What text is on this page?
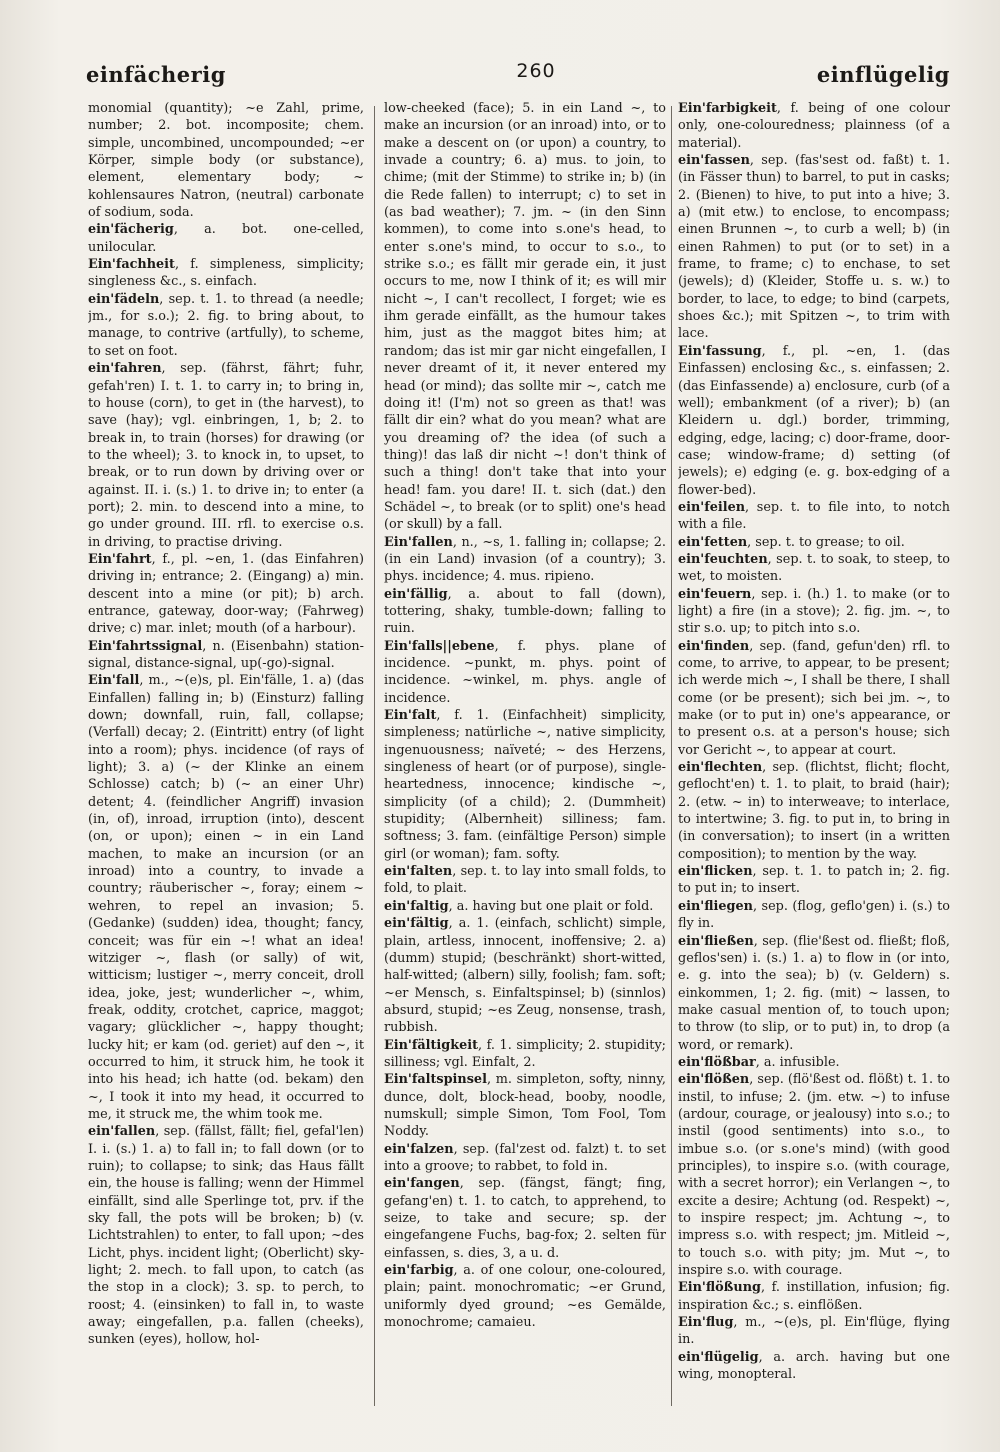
einfächerig	260	einflügelig
monomial (quantity); ~e Zahl, prime, number; 2. bot. incomposite; chem. simple, uncombined, uncompounded; ~er Körper, simple body (or substance), element, elementary body; ~ kohlensaures Natron, (neutral) carbonate of sodium, soda.
ein'fächerig, a. bot. one-celled, unilocular.
Ein'fachheit, f. simpleness, simplicity; singleness &c., s. einfach.
ein'fädeln, sep. t. 1. to thread (a needle; jm., for s.o.); 2. fig. to bring about, to manage, to contrive (artfully), to scheme, to set on foot.
ein'fahren, sep. (fährst, fährt; fuhr, gefah'ren) I. t. 1. to carry in; to bring in, to house (corn), to get in (the harvest), to save (hay); vgl. einbringen, 1, b; 2. to break in, to train (horses) for drawing (or to the wheel); 3. to knock in, to upset, to break, or to run down by driving over or against. II. i. (s.) 1. to drive in; to enter (a port); 2. min. to descend into a mine, to go under ground. III. rfl. to exercise o.s. in driving, to practise driving.
Ein'fahrt, f., pl. ~en, 1. (das Einfahren) driving in; entrance; 2. (Eingang) a) min. descent into a mine (or pit); b) arch. entrance, gateway, door-way; (Fahrweg) drive; c) mar. inlet; mouth (of a harbour).
Ein'fahrtssignal, n. (Eisenbahn) station-signal, distance-signal, up(-go)-signal.
Ein'fall, m., ~(e)s, pl. Ein'fälle, 1. a) (das Einfallen) falling in; b) (Einsturz) falling down; downfall, ruin, fall, collapse; (Verfall) decay; 2. (Eintritt) entry (of light into a room); phys. incidence (of rays of light); 3. a) (~ der Klinke an einem Schlosse) catch; b) (~ an einer Uhr) detent; 4. (feindlicher Angriff) invasion (in, of), inroad, irruption (into), descent (on, or upon); einen ~ in ein Land machen, to make an incursion (or an inroad) into a country, to invade a country; räuberischer ~, foray; einem ~ wehren, to repel an invasion; 5. (Gedanke) (sudden) idea, thought; fancy, conceit; was für ein ~! what an idea! witziger ~, flash (or sally) of wit, witticism; lustiger ~, merry conceit, droll idea, joke, jest; wunderlicher ~, whim, freak, oddity, crotchet, caprice, maggot; vagary; glücklicher ~, happy thought; lucky hit; er kam (od. geriet) auf den ~, it occurred to him, it struck him, he took it into his head; ich hatte (od. bekam) den ~, I took it into my head, it occurred to me, it struck me, the whim took me.
ein'fallen, sep. (fällst, fällt; fiel, gefal'len) I. i. (s.) 1. a) to fall in; to fall down (or to ruin); to collapse; to sink; das Haus fällt ein, the house is falling; wenn der Himmel einfällt, sind alle Sperlinge tot, prv. if the sky fall, the pots will be broken; b) (v. Lichtstrahlen) to enter, to fall upon; ~des Licht, phys. incident light; (Oberlicht) sky-light; 2. mech. to fall upon, to catch (as the stop in a clock); 3. sp. to perch, to roost; 4. (einsinken) to fall in, to waste away; eingefallen, p.a. fallen (cheeks), sunken (eyes), hollow, hol-
low-cheeked (face); 5. in ein Land ~, to make an incursion (or an inroad) into, or to make a descent on (or upon) a country, to invade a country; 6. a) mus. to join, to chime; (mit der Stimme) to strike in; b) (in die Rede fallen) to interrupt; c) to set in (as bad weather); 7. jm. ~ (in den Sinn kommen), to come into s.one's head, to enter s.one's mind, to occur to s.o., to strike s.o.; es fällt mir gerade ein, it just occurs to me, now I think of it; es will mir nicht ~, I can't recollect, I forget; wie es ihm gerade einfällt, as the humour takes him, just as the maggot bites him; at random; das ist mir gar nicht eingefallen, I never dreamt of it, it never entered my head (or mind); das sollte mir ~, catch me doing it! (I'm) not so green as that! was fällt dir ein? what do you mean? what are you dreaming of? the idea (of such a thing)! das laß dir nicht ~! don't think of such a thing! don't take that into your head! fam. you dare! II. t. sich (dat.) den Schädel ~, to break (or to split) one's head (or skull) by a fall.
Ein'fallen, n., ~s, 1. falling in; collapse; 2. (in ein Land) invasion (of a country); 3. phys. incidence; 4. mus. ripieno.
ein'fällig, a. about to fall (down), tottering, shaky, tumble-down; falling to ruin.
Ein'falls||ebene, f. phys. plane of incidence. ~punkt, m. phys. point of incidence. ~winkel, m. phys. angle of incidence.
Ein'falt, f. 1. (Einfachheit) simplicity, simpleness; natürliche ~, native simplicity, ingenuousness; naïveté; ~ des Herzens, singleness of heart (or of purpose), single-heartedness, innocence; kindische ~, simplicity (of a child); 2. (Dummheit) stupidity; (Albernheit) silliness; fam. softness; 3. fam. (einfältige Person) simple girl (or woman); fam. softy.
ein'falten, sep. t. to lay into small folds, to fold, to plait.
ein'faltig, a. having but one plait or fold.
ein'fältig, a. 1. (einfach, schlicht) simple, plain, artless, innocent, inoffensive; 2. a) (dumm) stupid; (beschränkt) short-witted, half-witted; (albern) silly, foolish; fam. soft; ~er Mensch, s. Einfaltspinsel; b) (sinnlos) absurd, stupid; ~es Zeug, nonsense, trash, rubbish.
Ein'fältigkeit, f. 1. simplicity; 2. stupidity; silliness; vgl. Einfalt, 2.
Ein'faltspinsel, m. simpleton, softy, ninny, dunce, dolt, block-head, booby, noodle, numskull; simple Simon, Tom Fool, Tom Noddy.
ein'falzen, sep. (fal'zest od. falzt) t. to set into a groove; to rabbet, to fold in.
ein'fangen, sep. (fängst, fängt; fing, gefang'en) t. 1. to catch, to apprehend, to seize, to take and secure; sp. der eingefangene Fuchs, bag-fox; 2. selten für einfassen, s. dies, 3, a u. d.
ein'farbig, a. of one colour, one-coloured, plain; paint. monochromatic; ~er Grund, uniformly dyed ground; ~es Gemälde, monochrome; camaieu.
Ein'farbigkeit, f. being of one colour only, one-colouredness; plainness (of a material).
ein'fassen, sep. (fas'sest od. faßt) t. 1. (in Fässer thun) to barrel, to put in casks; 2. (Bienen) to hive, to put into a hive; 3. a) (mit etw.) to enclose, to encompass; einen Brunnen ~, to curb a well; b) (in einen Rahmen) to put (or to set) in a frame, to frame; c) to enchase, to set (jewels); d) (Kleider, Stoffe u. s. w.) to border, to lace, to edge; to bind (carpets, shoes &c.); mit Spitzen ~, to trim with lace.
Ein'fassung, f., pl. ~en, 1. (das Einfassen) enclosing &c., s. einfassen; 2. (das Einfassende) a) enclosure, curb (of a well); embankment (of a river); b) (an Kleidern u. dgl.) border, trimming, edging, edge, lacing; c) door-frame, door-case; window-frame; d) setting (of jewels); e) edging (e. g. box-edging of a flower-bed).
ein'feilen, sep. t. to file into, to notch with a file.
ein'fetten, sep. t. to grease; to oil.
ein'feuchten, sep. t. to soak, to steep, to wet, to moisten.
ein'feuern, sep. i. (h.) 1. to make (or to light) a fire (in a stove); 2. fig. jm. ~, to stir s.o. up; to pitch into s.o.
ein'finden, sep. (fand, gefun'den) rfl. to come, to arrive, to appear, to be present; ich werde mich ~, I shall be there, I shall come (or be present); sich bei jm. ~, to make (or to put in) one's appearance, or to present o.s. at a person's house; sich vor Gericht ~, to appear at court.
ein'flechten, sep. (flichtst, flicht; flocht, geflocht'en) t. 1. to plait, to braid (hair); 2. (etw. ~ in) to interweave; to interlace, to intertwine; 3. fig. to put in, to bring in (in conversation); to insert (in a written composition); to mention by the way.
ein'flicken, sep. t. 1. to patch in; 2. fig. to put in; to insert.
ein'fliegen, sep. (flog, geflo'gen) i. (s.) to fly in.
ein'fließen, sep. (flie'ßest od. fließt; floß, geflos'sen) i. (s.) 1. a) to flow in (or into, e. g. into the sea); b) (v. Geldern) s. einkommen, 1; 2. fig. (mit) ~ lassen, to make casual mention of, to touch upon; to throw (to slip, or to put) in, to drop (a word, or remark).
ein'flößbar, a. infusible.
ein'flößen, sep. (flö'ßest od. flößt) t. 1. to instil, to infuse; 2. (jm. etw. ~) to infuse (ardour, courage, or jealousy) into s.o.; to instil (good sentiments) into s.o., to imbue s.o. (or s.one's mind) (with good principles), to inspire s.o. (with courage, with a secret horror); ein Verlangen ~, to excite a desire; Achtung (od. Respekt) ~, to inspire respect; jm. Achtung ~, to impress s.o. with respect; jm. Mitleid ~, to touch s.o. with pity; jm. Mut ~, to inspire s.o. with courage.
Ein'flößung, f. instillation, infusion; fig. inspiration &c.; s. einflößen.
Ein'flug, m., ~(e)s, pl. Ein'flüge, flying in.
ein'flügelig, a. arch. having but one wing, monopteral.
